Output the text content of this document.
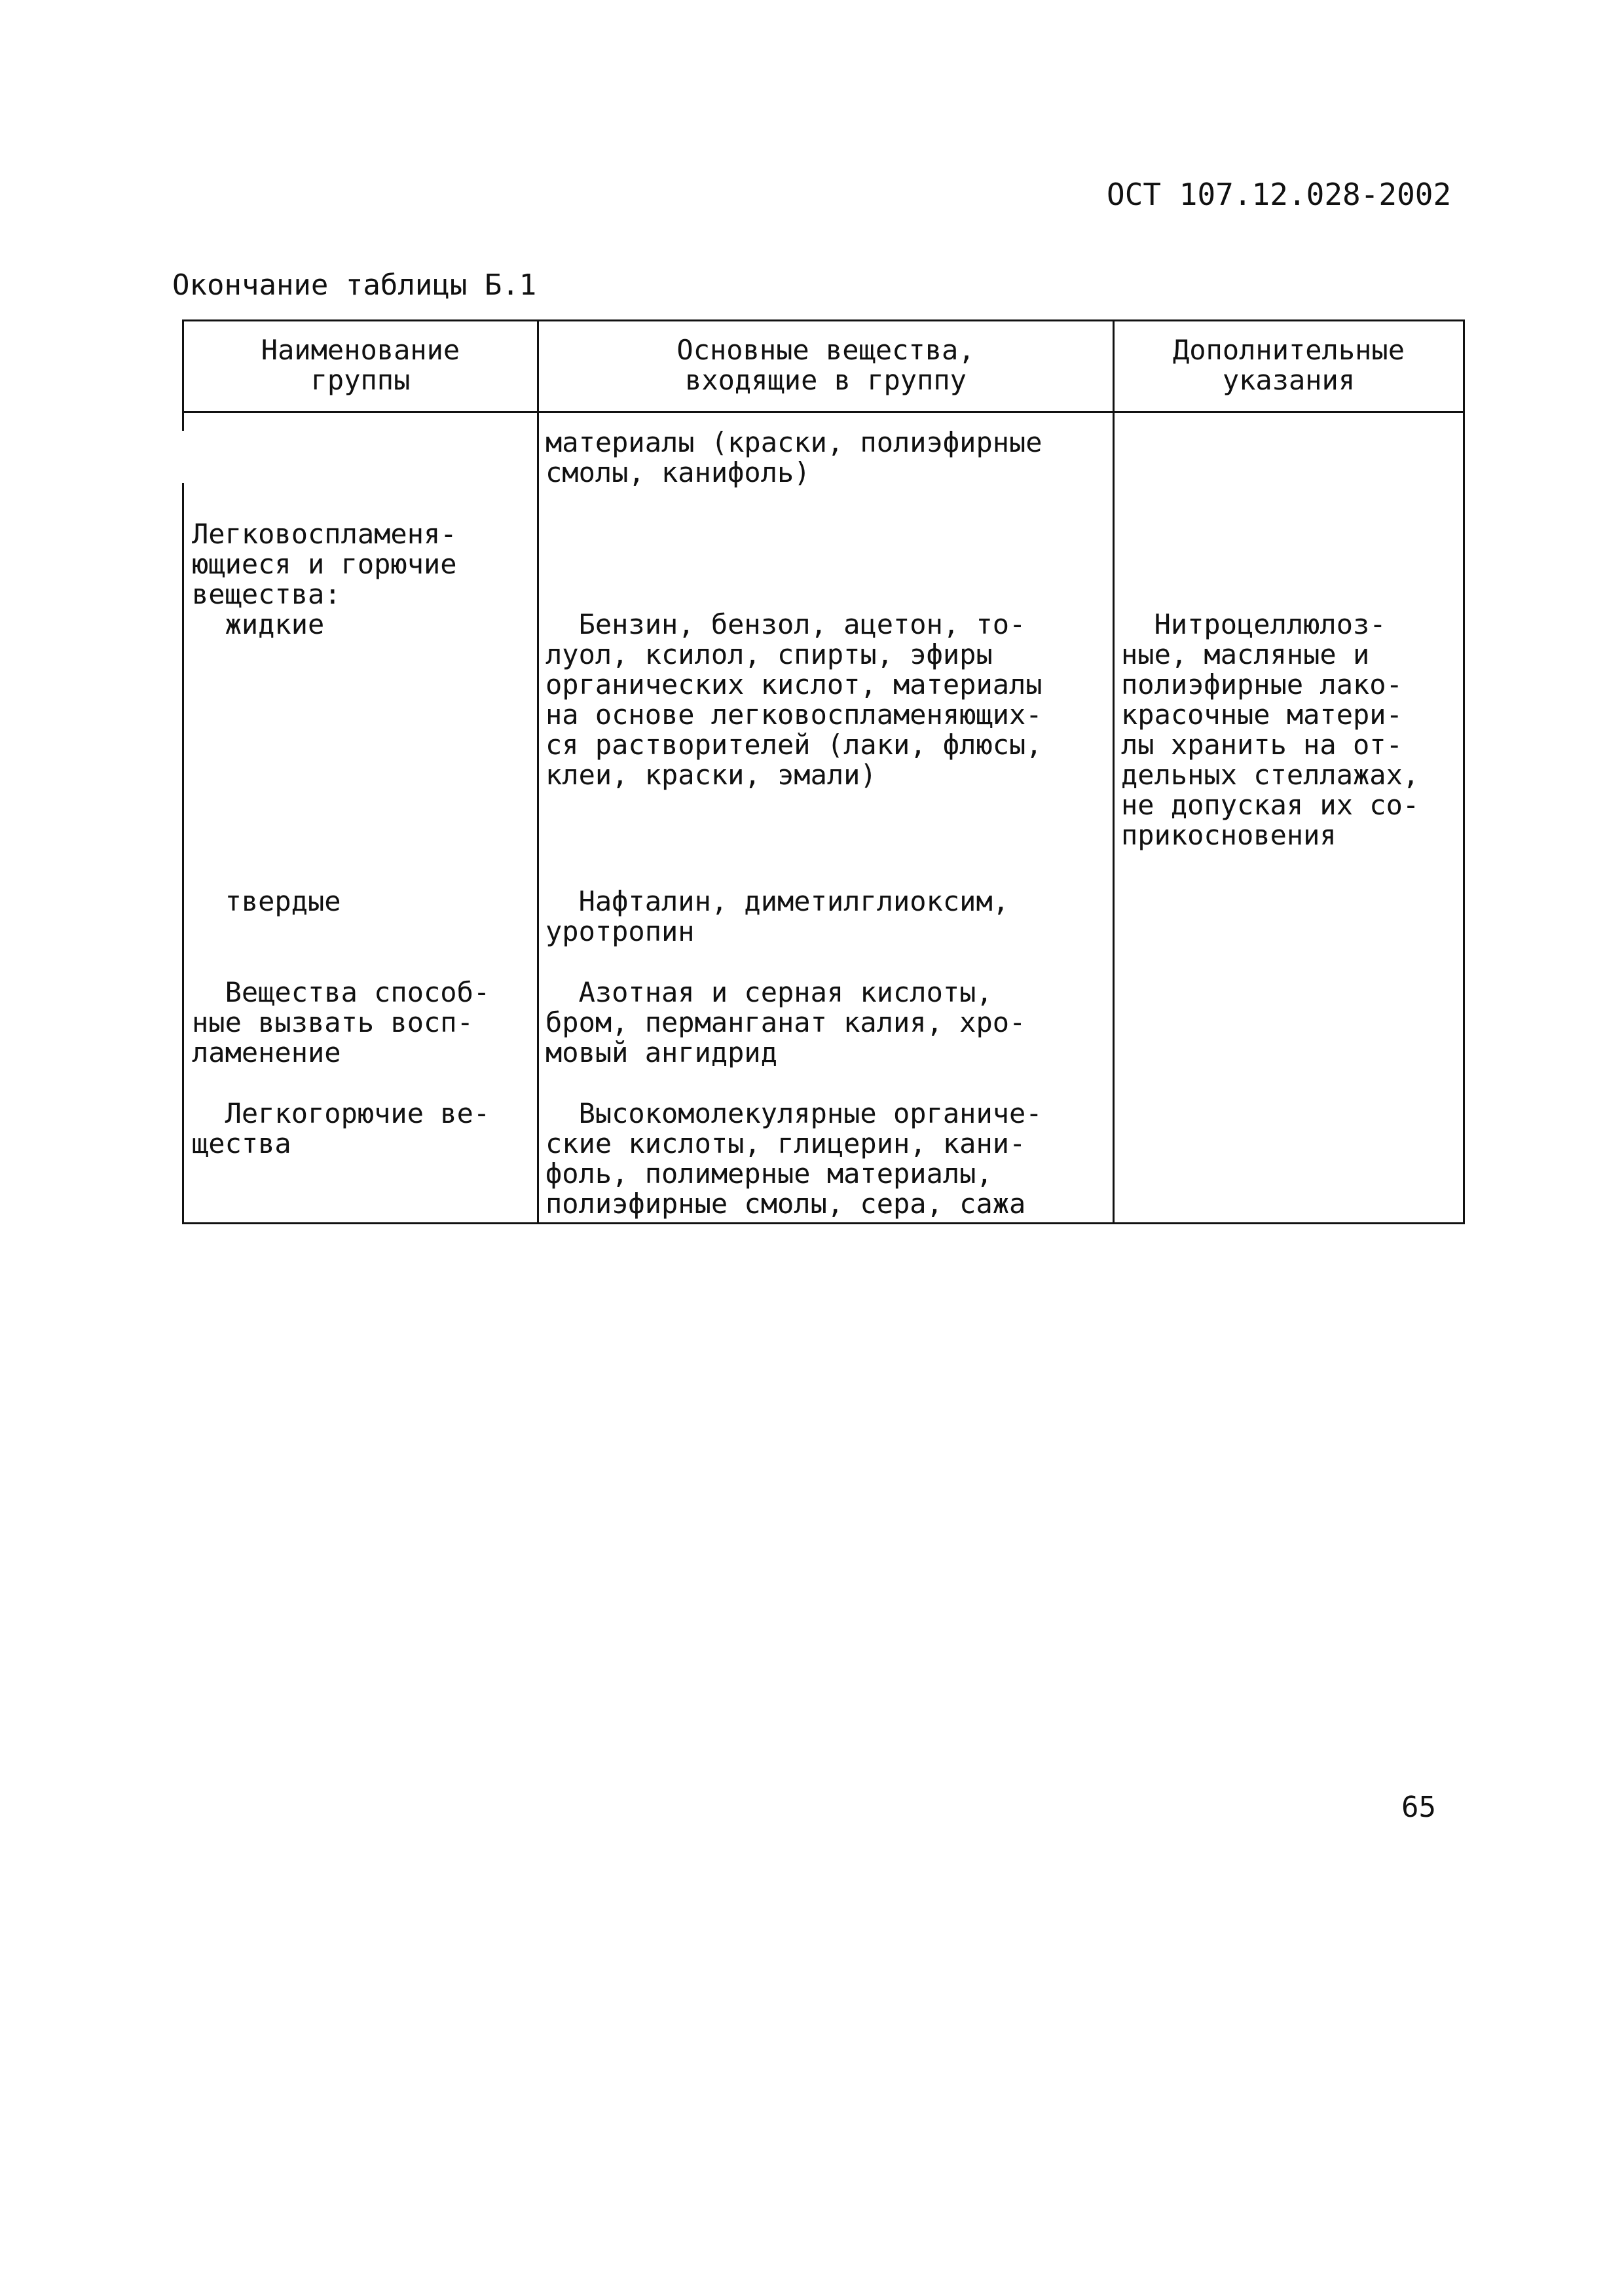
ОСТ 107.12.028-2002
Окончание таблицы Б.1
Наименование
группы
Основные вещества,
входящие в группу
Дополнительные
указания
материалы (краски, полиэфирные
смолы, канифоль)
Легковоспламеня-
ющиеся и горючие
вещества:
жидкие	Бензин, бензол, ацетон, то-
луол, ксилол, спирты, эфиры
органических кислот, материалы
на основе легковоспламеняющих-
ся растворителей (лаки, флюсы,
клеи, краски, эмали)
Нитроцеллюлоз-
ные, масляные и
полиэфирные лако-
красочные матери-
лы хранить на от-
дельных стеллажах,
не допуская их со-
прикосновения
твердые	Нафталин, диметилглиоксим,
уротропин
Вещества способ-
ные вызвать восп-
ламенение
Азотная и серная кислоты,
бром, перманганат калия, хро-
мовый ангидрид
Легкогорючие ве-
щества
Высокомолекулярные органиче-
ские кислоты, глицерин, кани-
фоль, полимерные материалы,
полиэфирные смолы, сера, сажа
65
